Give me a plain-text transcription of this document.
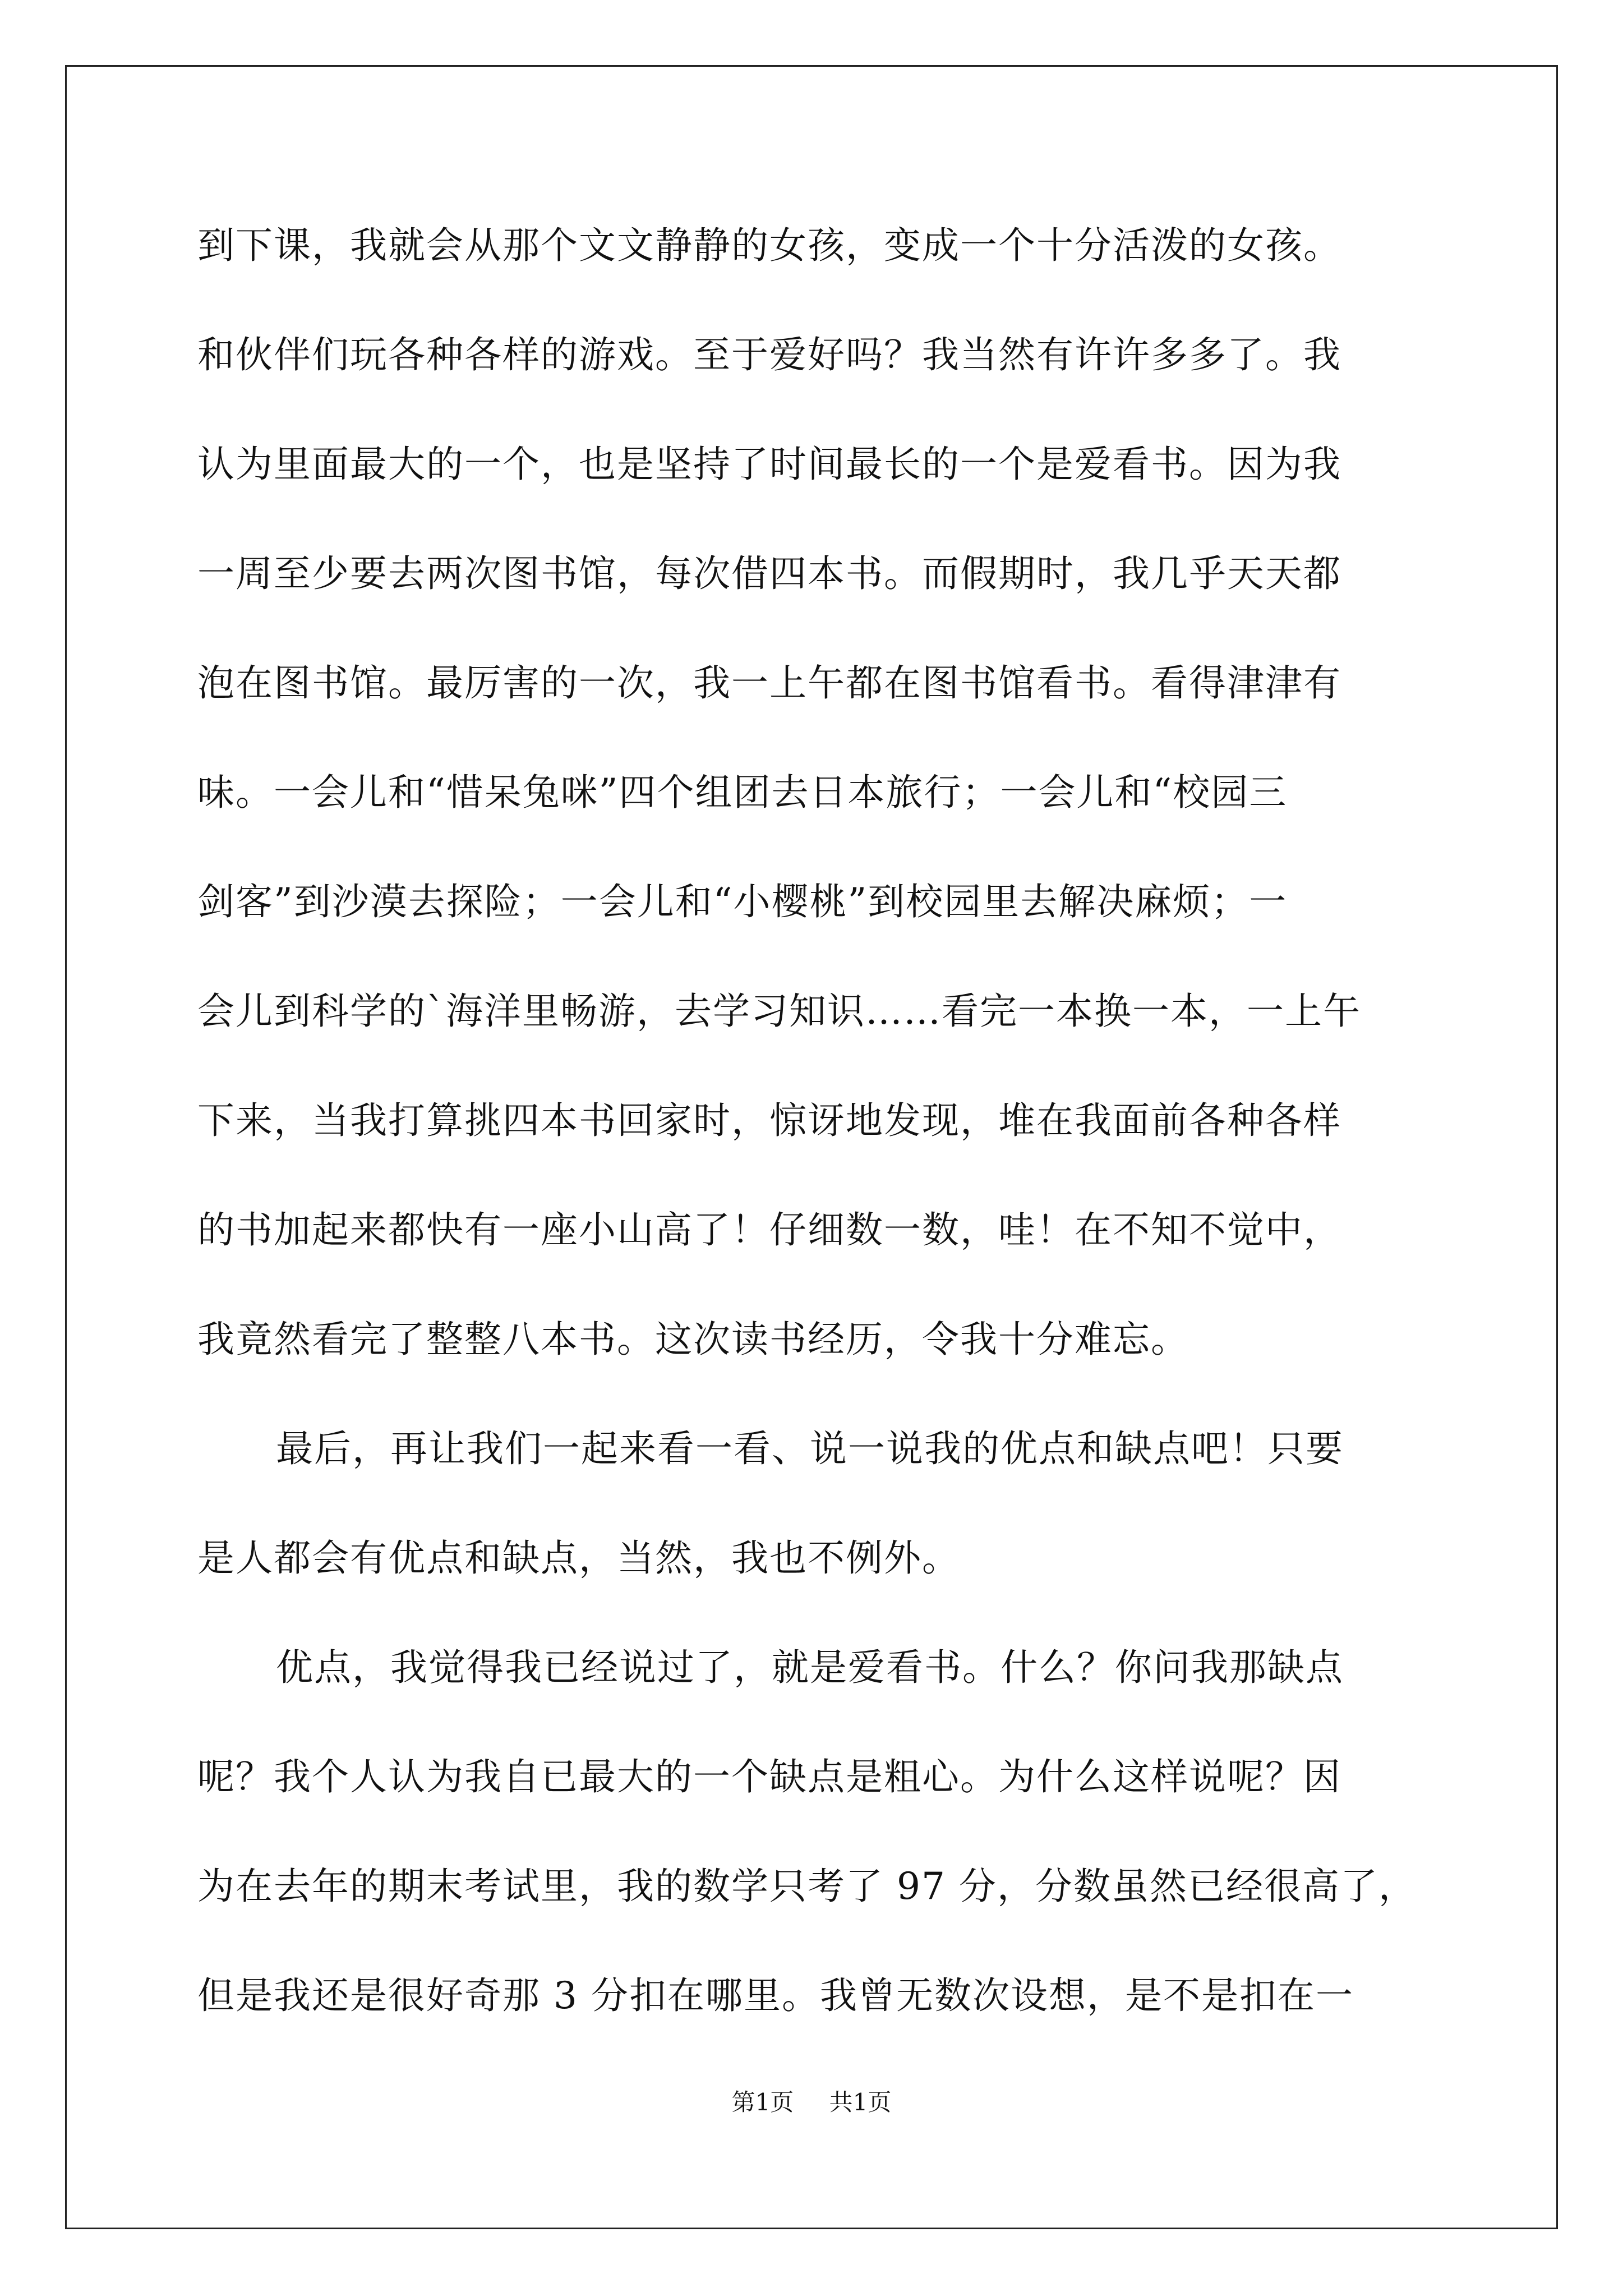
到下课，我就会从那个文文静静的女孩，变成一个十分活泼的女孩。
和伙伴们玩各种各样的游戏。至于爱好吗？我当然有许许多多了。我
认为里面最大的一个，也是坚持了时间最长的一个是爱看书。因为我
一周至少要去两次图书馆，每次借四本书。而假期时，我几乎天天都
泡在图书馆。最厉害的一次，我一上午都在图书馆看书。看得津津有
味。一会儿和“惜呆兔咪”四个组团去日本旅行；一会儿和“校园三
剑客”到沙漠去探险；一会儿和“小樱桃”到校园里去解决麻烦；一
会儿到科学的`海洋里畅游，去学习知识……看完一本换一本，一上午
下来，当我打算挑四本书回家时，惊讶地发现，堆在我面前各种各样
的书加起来都快有一座小山高了！仔细数一数，哇！在不知不觉中，
我竟然看完了整整八本书。这次读书经历，令我十分难忘。
最后，再让我们一起来看一看、说一说我的优点和缺点吧！只要
是人都会有优点和缺点，当然，我也不例外。
优点，我觉得我已经说过了，就是爱看书。什么？你问我那缺点
呢？我个人认为我自已最大的一个缺点是粗心。为什么这样说呢？因
为在去年的期末考试里，我的数学只考了 97 分，分数虽然已经很高了，
但是我还是很好奇那 3 分扣在哪里。我曾无数次设想，是不是扣在一
第1页 共1页
